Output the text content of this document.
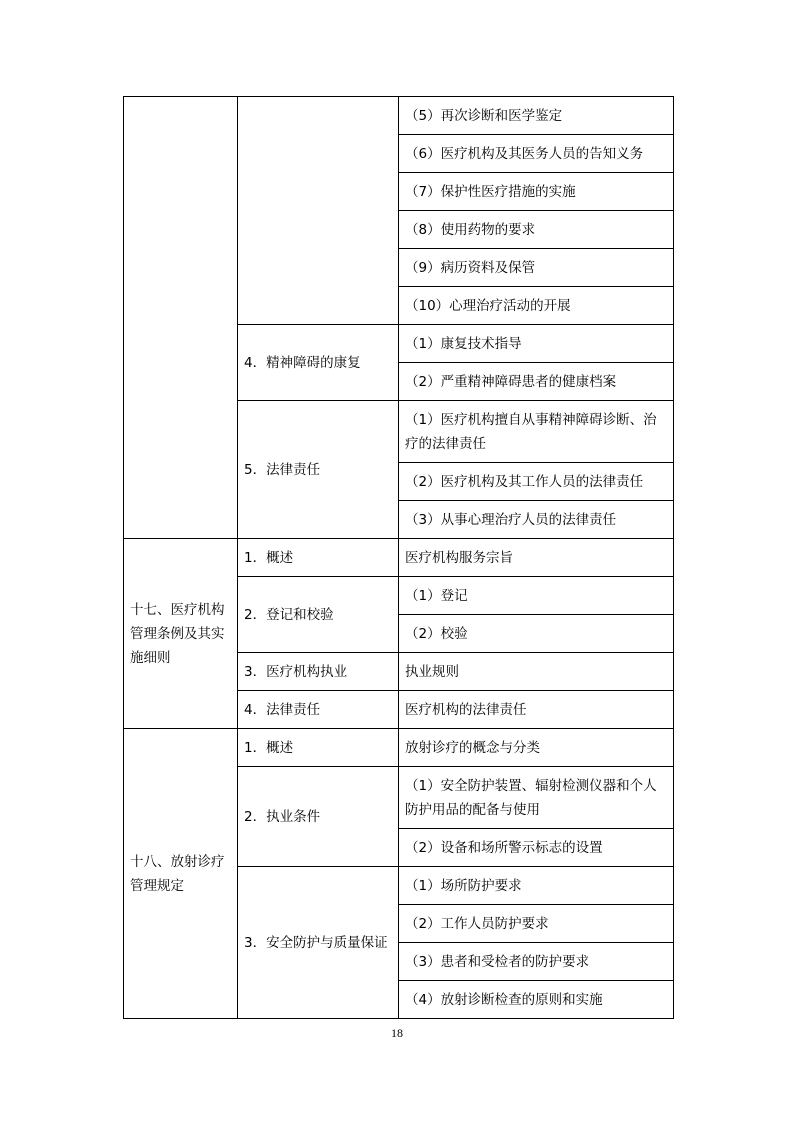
		（5）再次诊断和医学鉴定
		（6）医疗机构及其医务人员的告知义务
		（7）保护性医疗措施的实施
		（8）使用药物的要求
		（9）病历资料及保管
		（10）心理治疗活动的开展
	4．精神障碍的康复	（1）康复技术指导
		（2）严重精神障碍患者的健康档案
	5．法律责任	（1）医疗机构擅自从事精神障碍诊断、治疗的法律责任
		（2）医疗机构及其工作人员的法律责任
		（3）从事心理治疗人员的法律责任
十七、医疗机构管理条例及其实施细则	1．概述	医疗机构服务宗旨
	2．登记和校验	（1）登记
		（2）校验
	3．医疗机构执业	执业规则
	4．法律责任	医疗机构的法律责任
十八、放射诊疗管理规定	1．概述	放射诊疗的概念与分类
	2．执业条件	（1）安全防护装置、辐射检测仪器和个人防护用品的配备与使用
		（2）设备和场所警示标志的设置
	3．安全防护与质量保证	（1）场所防护要求
		（2）工作人员防护要求
		（3）患者和受检者的防护要求
		（4）放射诊断检查的原则和实施
18
